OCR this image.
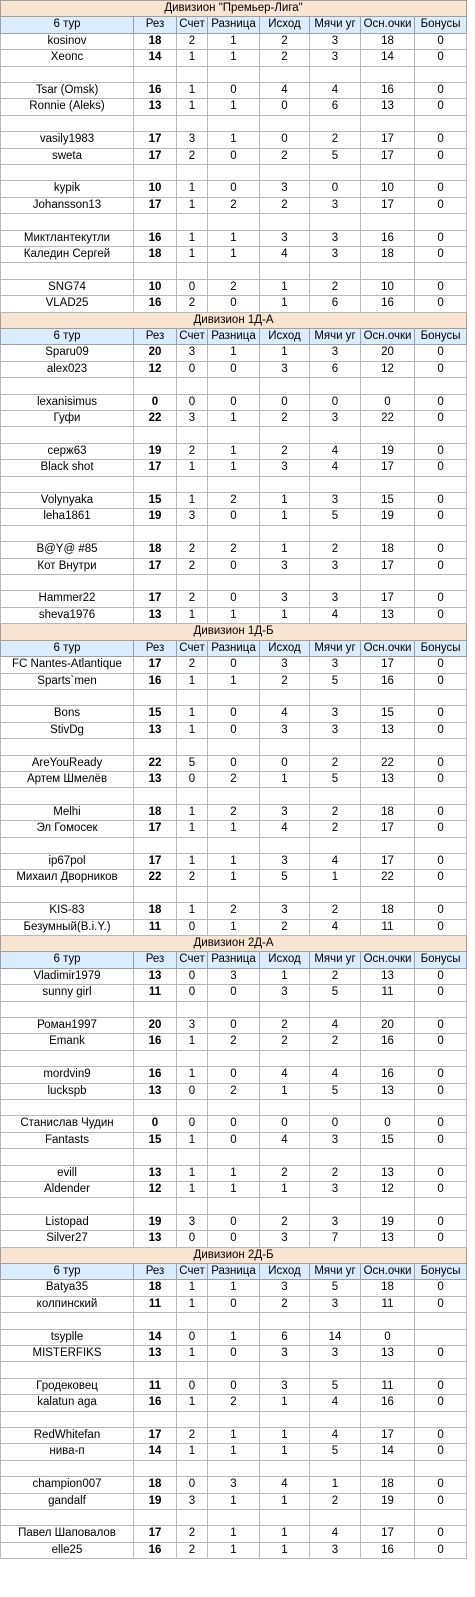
Дивизион "Премьер-Лига"							
6 тур	Рез	Счет	Разница	Исход	Мячи уг	Осн.очки	Бонусы
kosinov	18	2	1	2	3	18	0
Хеопс	14	1	1	2	3	14	0

Tsar (Omsk)	16	1	0	4	4	16	0
Ronnie (Aleks)	13	1	1	0	6	13	0

vasily1983	17	3	1	0	2	17	0
sweta	17	2	0	2	5	17	0

kypik	10	1	0	3	0	10	0
Johansson13	17	1	2	2	3	17	0

Миктлантекутли	16	1	1	3	3	16	0
Каледин Сергей	18	1	1	4	3	18	0

SNG74	10	0	2	1	2	10	0
VLAD25	16	2	0	1	6	16	0
Дивизион 1Д-А							
6 тур	Рез	Счет	Разница	Исход	Мячи уг	Осн.очки	Бонусы
Sparu09	20	3	1	1	3	20	0
alex023	12	0	0	3	6	12	0

lexanisimus	0	0	0	0	0	0	0
Гуфи	22	3	1	2	3	22	0

серж63	19	2	1	2	4	19	0
Black shot	17	1	1	3	4	17	0

Volynyaka	15	1	2	1	3	15	0
leha1861	19	3	0	1	5	19	0

B@Y@ #85	18	2	2	1	2	18	0
Кот Внутри	17	2	0	3	3	17	0

Hammer22	17	2	0	3	3	17	0
sheva1976	13	1	1	1	4	13	0
Дивизион 1Д-Б							
6 тур	Рез	Счет	Разница	Исход	Мячи уг	Осн.очки	Бонусы
FC Nantes-Atlantique	17	2	0	3	3	17	0
Sparts`men	16	1	1	2	5	16	0

Bons	15	1	0	4	3	15	0
StivDg	13	1	0	3	3	13	0

AreYouReady	22	5	0	0	2	22	0
Артем Шмелёв	13	0	2	1	5	13	0

Melhi	18	1	2	3	2	18	0
Эл Гомосек	17	1	1	4	2	17	0

ip67pol	17	1	1	3	4	17	0
Михаил Дворников	22	2	1	5	1	22	0

KIS-83	18	1	2	3	2	18	0
Безумный(B.i.Y.)	11	0	1	2	4	11	0
Дивизион 2Д-А							
6 тур	Рез	Счет	Разница	Исход	Мячи уг	Осн.очки	Бонусы
Vladimir1979	13	0	3	1	2	13	0
sunny girl	11	0	0	3	5	11	0

Роман1997	20	3	0	2	4	20	0
Emank	16	1	2	2	2	16	0

mordvin9	16	1	0	4	4	16	0
luckspb	13	0	2	1	5	13	0

Станислав Чудин	0	0	0	0	0	0	0
Fantasts	15	1	0	4	3	15	0

evill	13	1	1	2	2	13	0
Aldender	12	1	1	1	3	12	0

Listopad	19	3	0	2	3	19	0
Silver27	13	0	0	3	7	13	0
Дивизион 2Д-Б							
6 тур	Рез	Счет	Разница	Исход	Мячи уг	Осн.очки	Бонусы
Batya35	18	1	1	3	5	18	0
колпинский	11	1	0	2	3	11	0

tsyplle	14	0	1	6	14	0	
MISTERFIKS	13	1	0	3	3	13	0

Гродековец	11	0	0	3	5	11	0
kalatun aga	16	1	2	1	4	16	0

RedWhitefan	17	2	1	1	4	17	0
нива-п	14	1	1	1	5	14	0

champion007	18	0	3	4	1	18	0
gandalf	19	3	1	1	2	19	0

Павел Шаповалов	17	2	1	1	4	17	0
elle25	16	2	1	1	3	16	0
